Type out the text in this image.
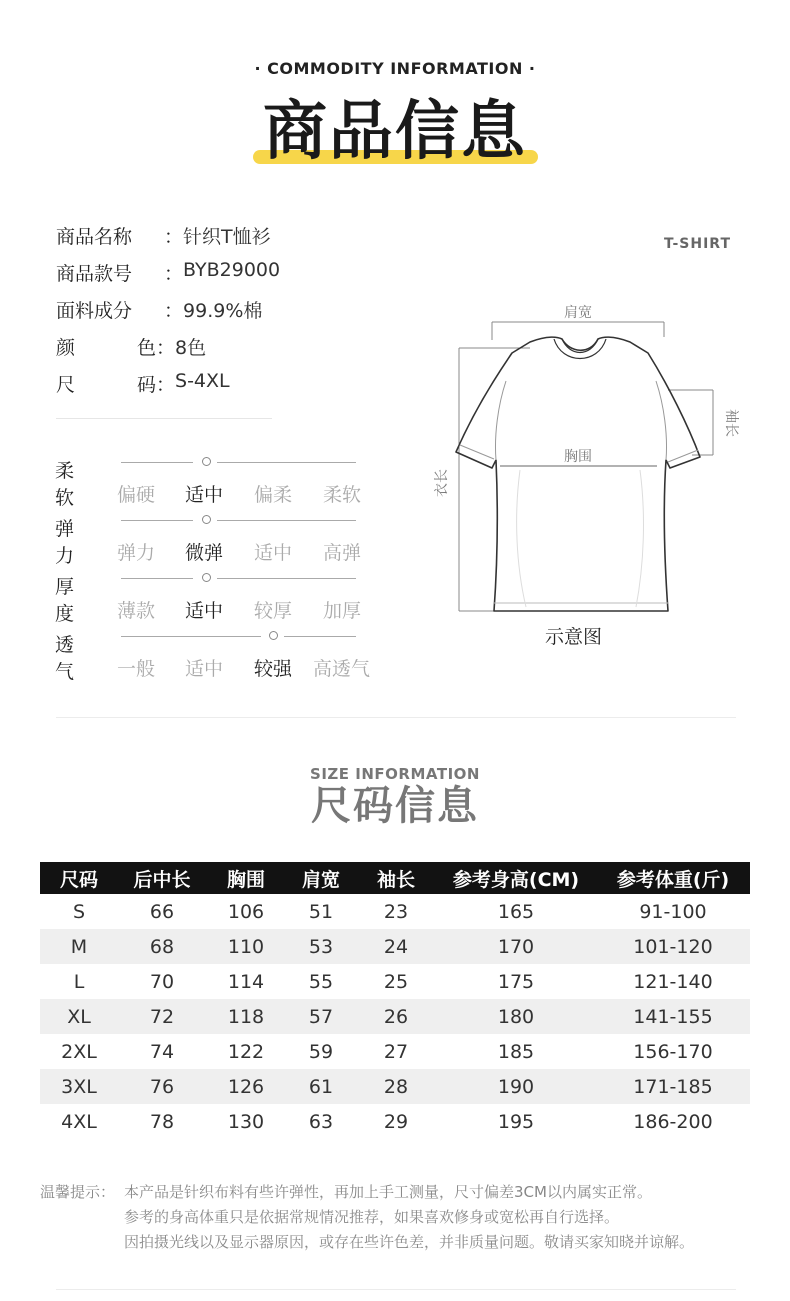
· COMMODITY INFORMATION ·
商品信息
商品名称 ： 针织T恤衫
商品款号 ： BYB29000
面料成分 ： 99.9%棉
颜	色 ： 8色
尺	码 ： S-4XL
T-SHIRT
柔软 偏硬 适中 偏柔 柔软
弹力 弹力 微弹 适中 高弹
厚度 薄款 适中 较厚 加厚
透气 一般 适中 较强 高透气
肩宽
衣长
袖长
胸围
示意图
SIZE INFORMATION
尺码信息
尺码	后中长	胸围	肩宽	袖长	参考身高(CM)	参考体重(斤)
S	66	106	51	23	165	91-100
M	68	110	53	24	170	101-120
L	70	114	55	25	175	121-140
XL	72	118	57	26	180	141-155
2XL	74	122	59	27	185	156-170
3XL	76	126	61	28	190	171-185
4XL	78	130	63	29	195	186-200
温馨提示： 本产品是针织布料有些许弹性，再加上手工测量，尺寸偏差3CM以内属实正常。
参考的身高体重只是依据常规情况推荐，如果喜欢修身或宽松再自行选择。
因拍摄光线以及显示器原因，或存在些许色差，并非质量问题。敬请买家知晓并谅解。
